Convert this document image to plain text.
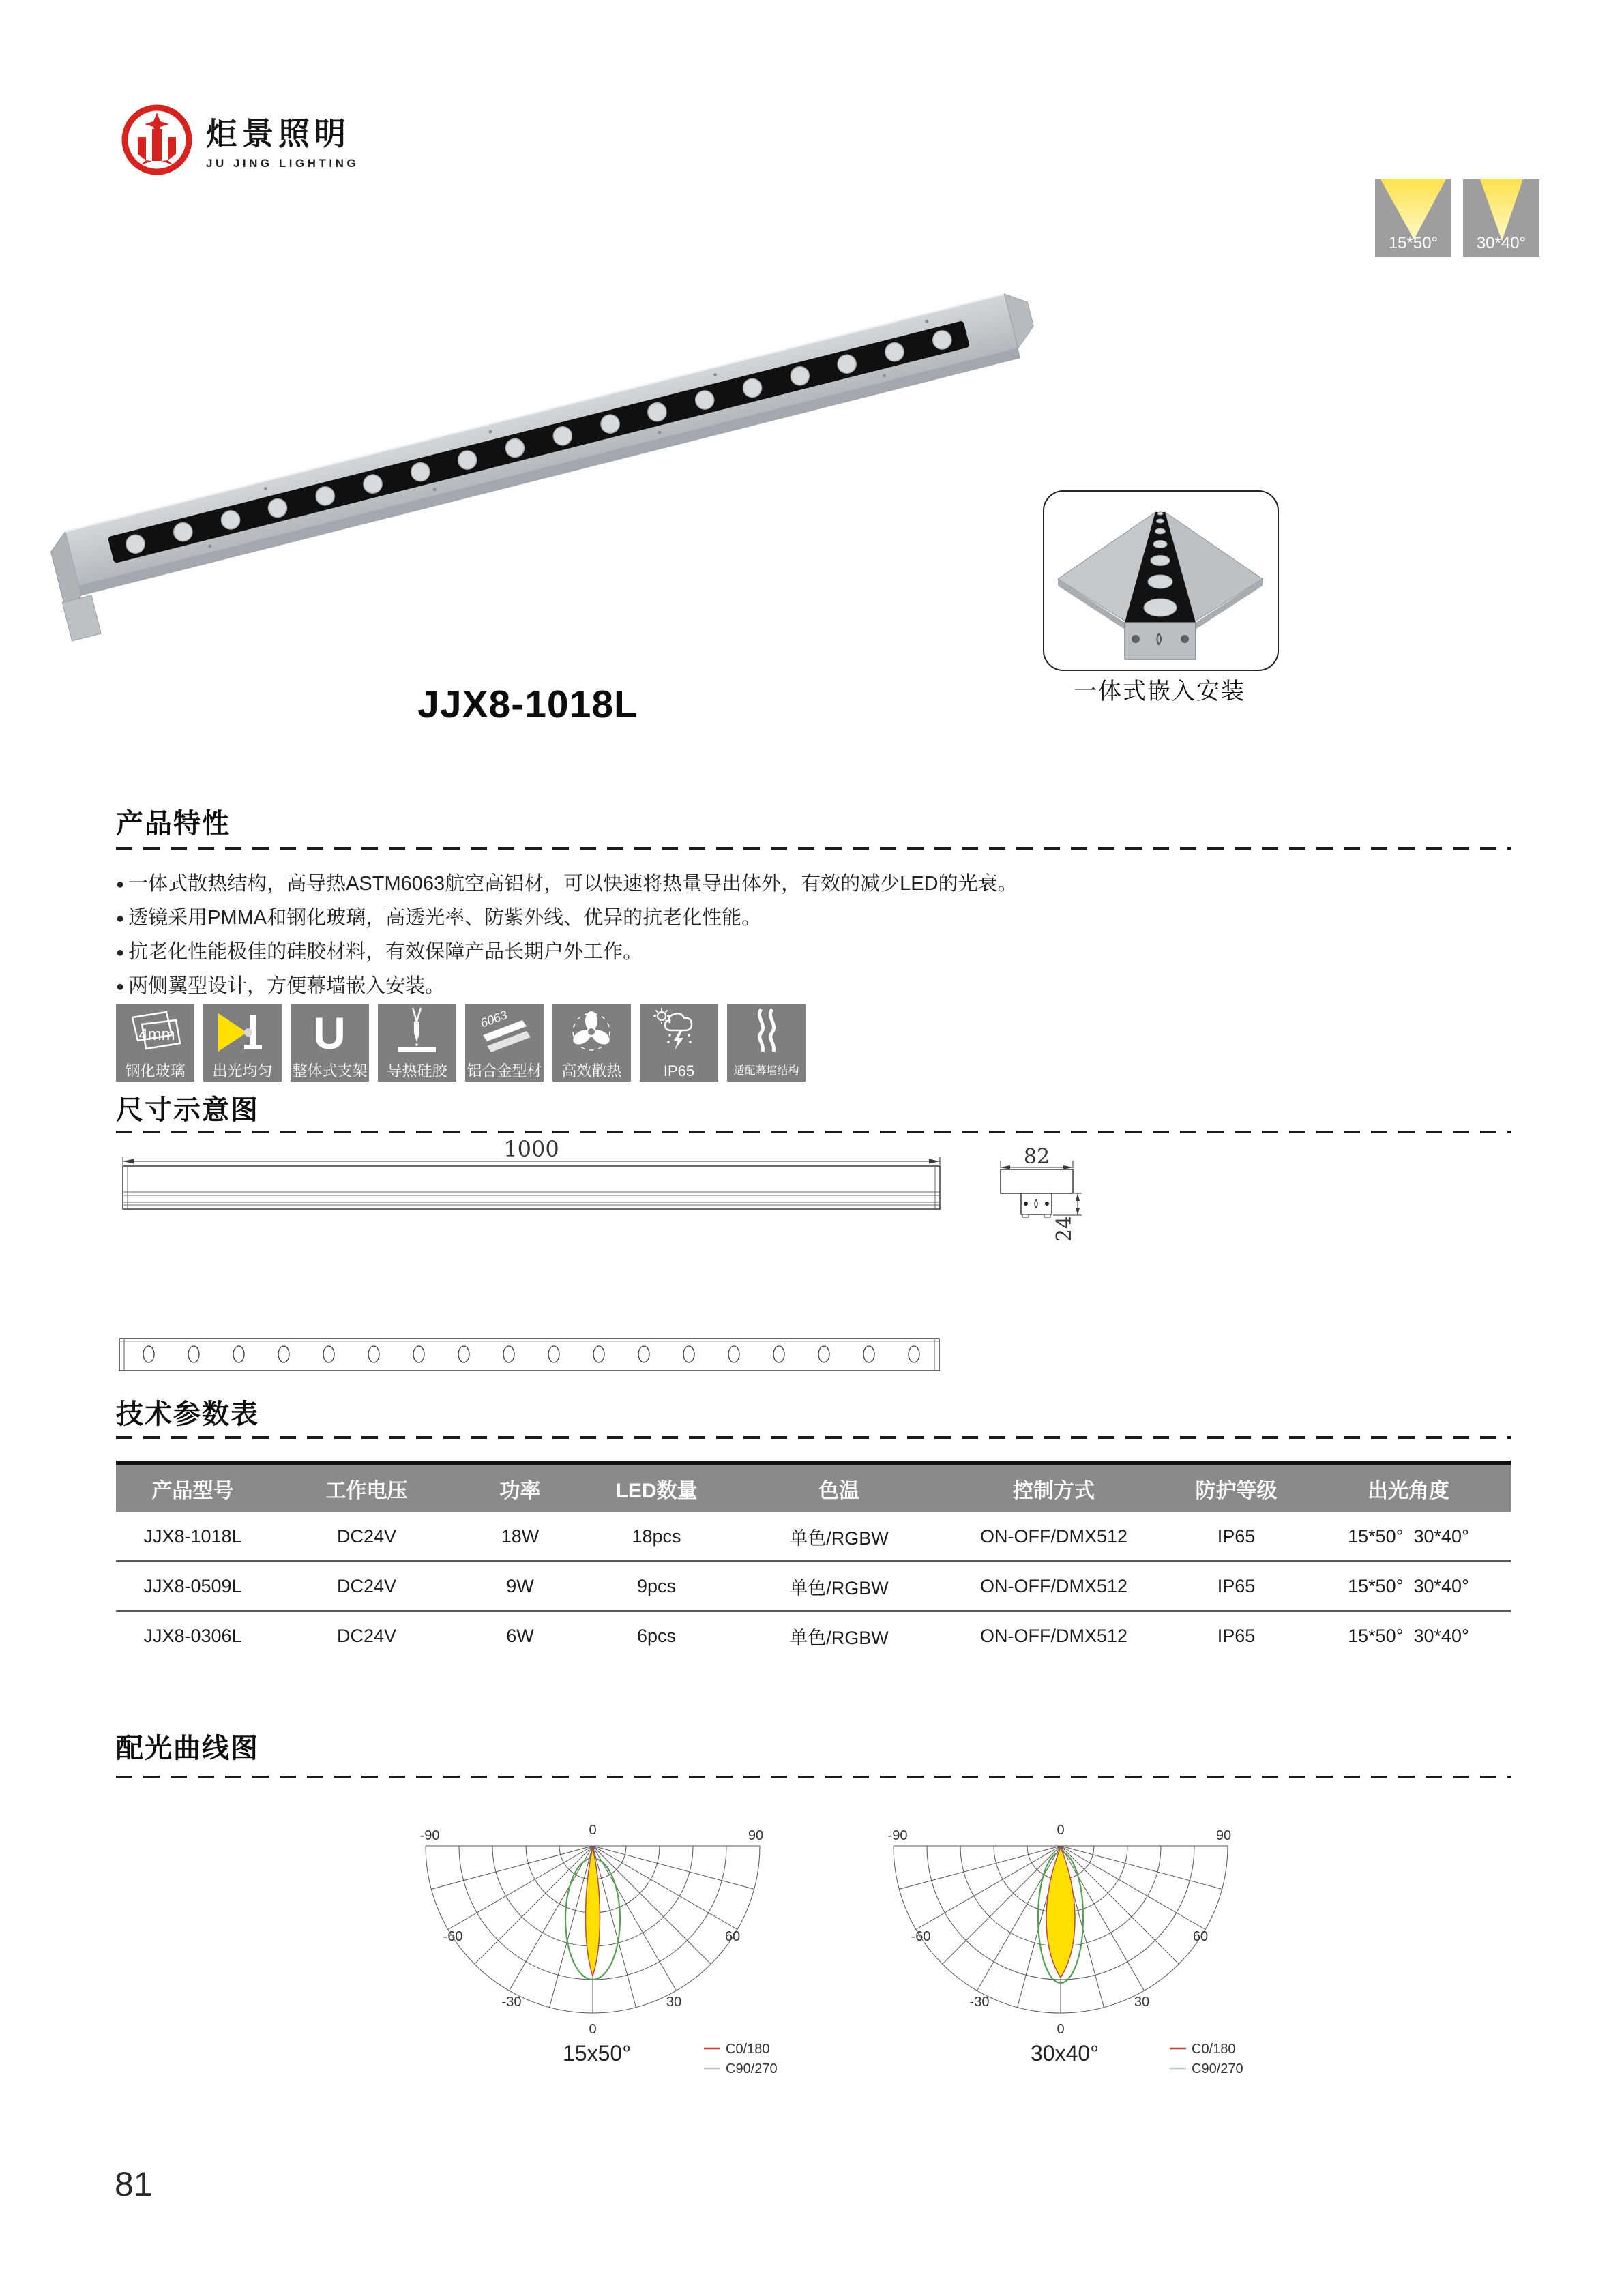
炬景照明
JU JING LIGHTING
15*50°	30*40°
一体式嵌入安装
JJX8-1018L
产品特性
● 一体式散热结构，高导热ASTM6063航空高铝材，可以快速将热量导出体外，有效的减少LED的光衰。
● 透镜采用PMMA和钢化玻璃，高透光率、防紫外线、优异的抗老化性能。
● 抗老化性能极佳的硅胶材料，有效保障产品长期户外工作。
● 两侧翼型设计，方便幕墙嵌入安装。
4mm
钢化玻璃 出光均匀
U
整体式支架 导热硅胶
6063
铝合金型材 高效散热	IP65	适配幕墙结构
尺寸示意图
1000	82
24
技术参数表
产品型号	工作电压	功率	LED数量	色温	控制方式	防护等级	出光角度
JJX8-1018L	DC24V	18W	18pcs	单色/RGBW	ON-OFF/DMX512	IP65	15*50°  30*40°
JJX8-0509L	DC24V	9W	9pcs	单色/RGBW	ON-OFF/DMX512	IP65	15*50°  30*40°
JJX8-0306L	DC24V	6W	6pcs	单色/RGBW	ON-OFF/DMX512	IP65	15*50°  30*40°
配光曲线图
-90	90
0
-60	60
-30	30
0
15x50°	C0/180
C90/270
-90	90
0
-60	60
-30	30
0
30x40°	C0/180
C90/270
81
